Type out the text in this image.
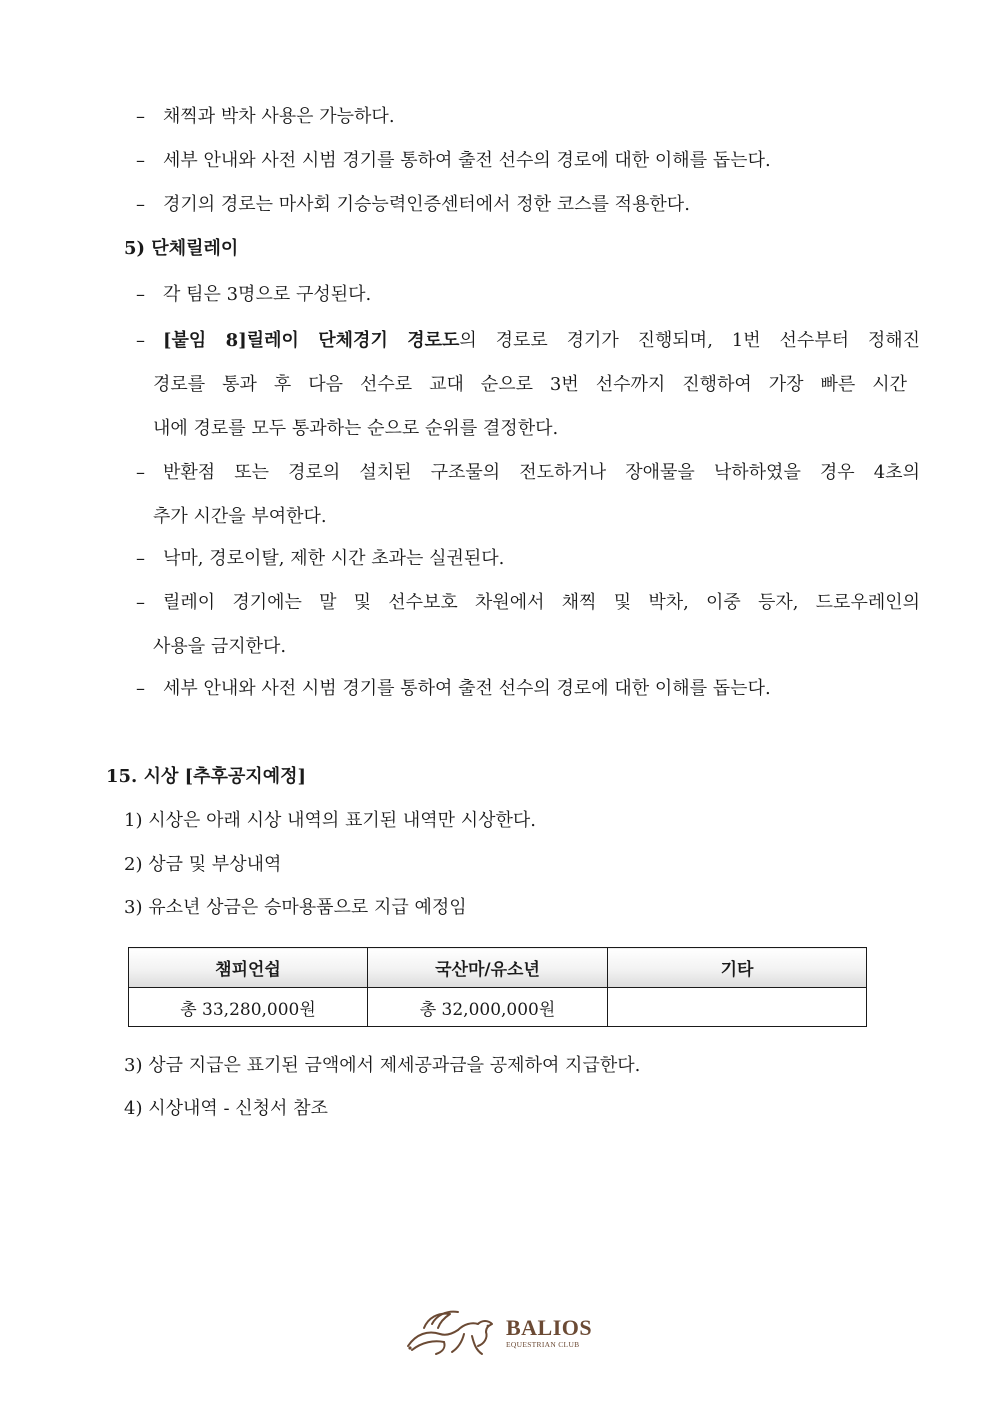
– 채찍과 박차 사용은 가능하다.
– 세부 안내와 사전 시범 경기를 통하여 출전 선수의 경로에 대한 이해를 돕는다.
– 경기의 경로는 마사회 기승능력인증센터에서 정한 코스를 적용한다.
5) 단체릴레이
– 각 팀은 3명으로 구성된다.
– [붙임 8]릴레이 단체경기 경로도의 경로로 경기가 진행되며, 1번 선수부터 정해진
경로를 통과 후 다음 선수로 교대 순으로 3번 선수까지 진행하여 가장 빠른 시간
내에 경로를 모두 통과하는 순으로 순위를 결정한다.
– 반환점 또는 경로의 설치된 구조물의 전도하거나 장애물을 낙하하였을 경우 4초의
추가 시간을 부여한다.
– 낙마, 경로이탈, 제한 시간 초과는 실권된다.
– 릴레이 경기에는 말 및 선수보호 차원에서 채찍 및 박차, 이중 등자, 드로우레인의
사용을 금지한다.
– 세부 안내와 사전 시범 경기를 통하여 출전 선수의 경로에 대한 이해를 돕는다.
15. 시상 [추후공지예정]
1) 시상은 아래 시상 내역의 표기된 내역만 시상한다.
2) 상금 및 부상내역
3) 유소년 상금은 승마용품으로 지급 예정임
챔피언쉽	국산마/유소년	기타
총 33,280,000원	총 32,000,000원	
3) 상금 지급은 표기된 금액에서 제세공과금을 공제하여 지급한다.
4) 시상내역 - 신청서 참조
BALIOS
EQUESTRIAN CLUB
